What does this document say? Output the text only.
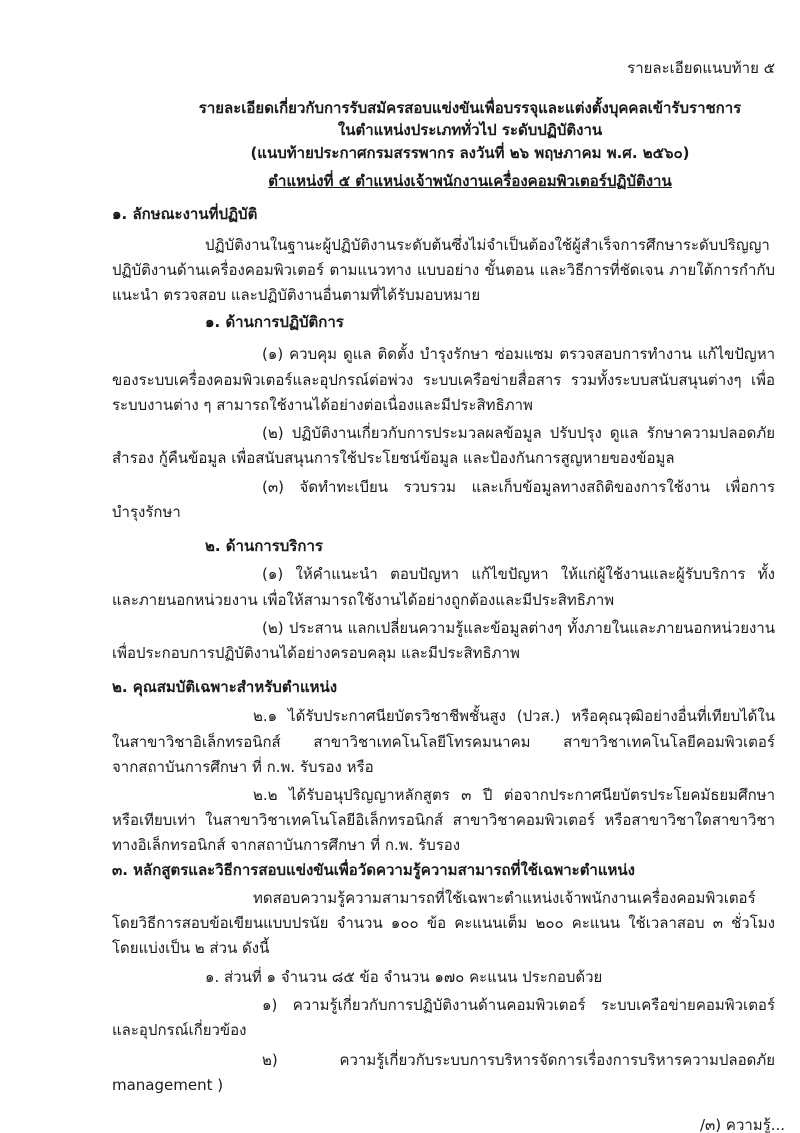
รายละเอียดแนบท้าย ๕
รายละเอียดเกี่ยวกับการรับสมัครสอบแข่งขันเพื่อบรรจุและแต่งตั้งบุคคลเข้ารับราชการ
ในตำแหน่งประเภททั่วไป ระดับปฏิบัติงาน
(แนบท้ายประกาศกรมสรรพากร ลงวันที่ ๒๖ พฤษภาคม พ.ศ. ๒๕๖๐)
ตำแหน่งที่ ๕ ตำแหน่งเจ้าพนักงานเครื่องคอมพิวเตอร์ปฏิบัติงาน
๑. ลักษณะงานที่ปฏิบัติ
ปฏิบัติงานในฐานะผู้ปฏิบัติงานระดับต้นซึ่งไม่จำเป็นต้องใช้ผู้สำเร็จการศึกษาระดับปริญญา
ปฏิบัติงานด้านเครื่องคอมพิวเตอร์ ตามแนวทาง แบบอย่าง ขั้นตอน และวิธีการที่ชัดเจน ภายใต้การกำกับ
แนะนำ ตรวจสอบ และปฏิบัติงานอื่นตามที่ได้รับมอบหมาย
๑. ด้านการปฏิบัติการ
(๑) ควบคุม ดูแล ติดตั้ง บำรุงรักษา ซ่อมแซม ตรวจสอบการทำงาน แก้ไขปัญหา
ของระบบเครื่องคอมพิวเตอร์และอุปกรณ์ต่อพ่วง ระบบเครือข่ายสื่อสาร รวมทั้งระบบสนับสนุนต่างๆ เพื่อ
ระบบงานต่าง ๆ สามารถใช้งานได้อย่างต่อเนื่องและมีประสิทธิภาพ
(๒) ปฏิบัติงานเกี่ยวกับการประมวลผลข้อมูล ปรับปรุง ดูแล รักษาความปลอดภัย
สำรอง กู้คืนข้อมูล เพื่อสนับสนุนการใช้ประโยชน์ข้อมูล และป้องกันการสูญหายของข้อมูล
(๓) จัดทำทะเบียน รวบรวม และเก็บข้อมูลทางสถิติของการใช้งาน เพื่อการ
บำรุงรักษา
๒. ด้านการบริการ
(๑) ให้คำแนะนำ ตอบปัญหา แก้ไขปัญหา ให้แก่ผู้ใช้งานและผู้รับบริการ ทั้ง
และภายนอกหน่วยงาน เพื่อให้สามารถใช้งานได้อย่างถูกต้องและมีประสิทธิภาพ
(๒) ประสาน แลกเปลี่ยนความรู้และข้อมูลต่างๆ ทั้งภายในและภายนอกหน่วยงาน
เพื่อประกอบการปฏิบัติงานได้อย่างครอบคลุม และมีประสิทธิภาพ
๒. คุณสมบัติเฉพาะสำหรับตำแหน่ง
๒.๑ ได้รับประกาศนียบัตรวิชาชีพชั้นสูง (ปวส.) หรือคุณวุฒิอย่างอื่นที่เทียบได้ใน
ในสาขาวิชาอิเล็กทรอนิกส์ สาขาวิชาเทคโนโลยีโทรคมนาคม สาขาวิชาเทคโนโลยีคอมพิวเตอร์
จากสถาบันการศึกษา ที่ ก.พ. รับรอง หรือ
๒.๒ ได้รับอนุปริญญาหลักสูตร ๓ ปี ต่อจากประกาศนียบัตรประโยคมัธยมศึกษา
หรือเทียบเท่า ในสาขาวิชาเทคโนโลยีอิเล็กทรอนิกส์ สาขาวิชาคอมพิวเตอร์ หรือสาขาวิชาใดสาขาวิชา
ทางอิเล็กทรอนิกส์ จากสถาบันการศึกษา ที่ ก.พ. รับรอง
๓. หลักสูตรและวิธีการสอบแข่งขันเพื่อวัดความรู้ความสามารถที่ใช้เฉพาะตำแหน่ง
ทดสอบความรู้ความสามารถที่ใช้เฉพาะตำแหน่งเจ้าพนักงานเครื่องคอมพิวเตอร์
โดยวิธีการสอบข้อเขียนแบบปรนัย จำนวน ๑๐๐ ข้อ คะแนนเต็ม ๒๐๐ คะแนน ใช้เวลาสอบ ๓ ชั่วโมง
โดยแบ่งเป็น ๒ ส่วน ดังนี้
๑. ส่วนที่ ๑ จำนวน ๘๕ ข้อ จำนวน ๑๗๐ คะแนน ประกอบด้วย
๑) ความรู้เกี่ยวกับการปฏิบัติงานด้านคอมพิวเตอร์ ระบบเครือข่ายคอมพิวเตอร์
และอุปกรณ์เกี่ยวข้อง
๒) ความรู้เกี่ยวกับระบบการบริหารจัดการเรื่องการบริหารความปลอดภัย
management )
/๓) ความรู้...
